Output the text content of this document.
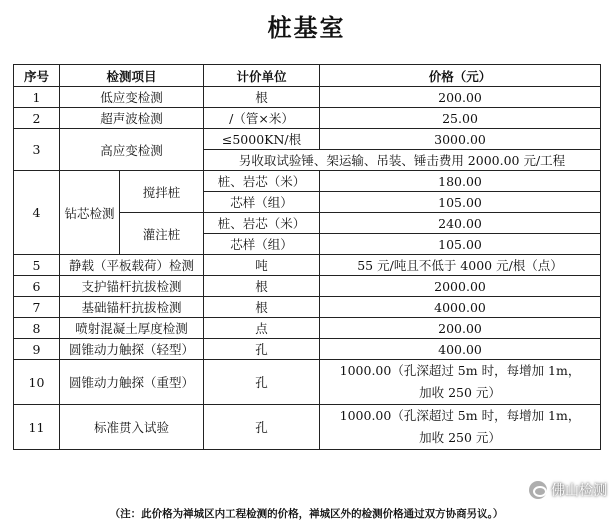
桩基室
序号	检测项目		计价单位	价格（元）
1	低应变检测		根	200.00
2	超声波检测		/（管×米）	25.00
3	高应变检测		≤5000KN/根	3000.00
			另收取试验锤、架运输、吊装、锤击费用 2000.00 元/工程	
4	钻芯检测	搅拌桩	桩、岩芯（米）	180.00
			芯样（组）	105.00
		灌注桩	桩、岩芯（米）	240.00
			芯样（组）	105.00
5	静载（平板载荷）检测		吨	55 元/吨且不低于 4000 元/根（点）
6	支护锚杆抗拔检测		根	2000.00
7	基础锚杆抗拔检测		根	4000.00
8	喷射混凝土厚度检测		点	200.00
9	圆锥动力触探（轻型）		孔	400.00
10	圆锥动力触探（重型）		孔	1000.00（孔深超过 5m 时，每增加 1m，
加收 250 元）

11	标准贯入试验		孔	1000.00（孔深超过 5m 时，每增加 1m，
加收 250 元）
佛山检测
（注：此价格为禅城区内工程检测的价格，禅城区外的检测价格通过双方协商另议。）
